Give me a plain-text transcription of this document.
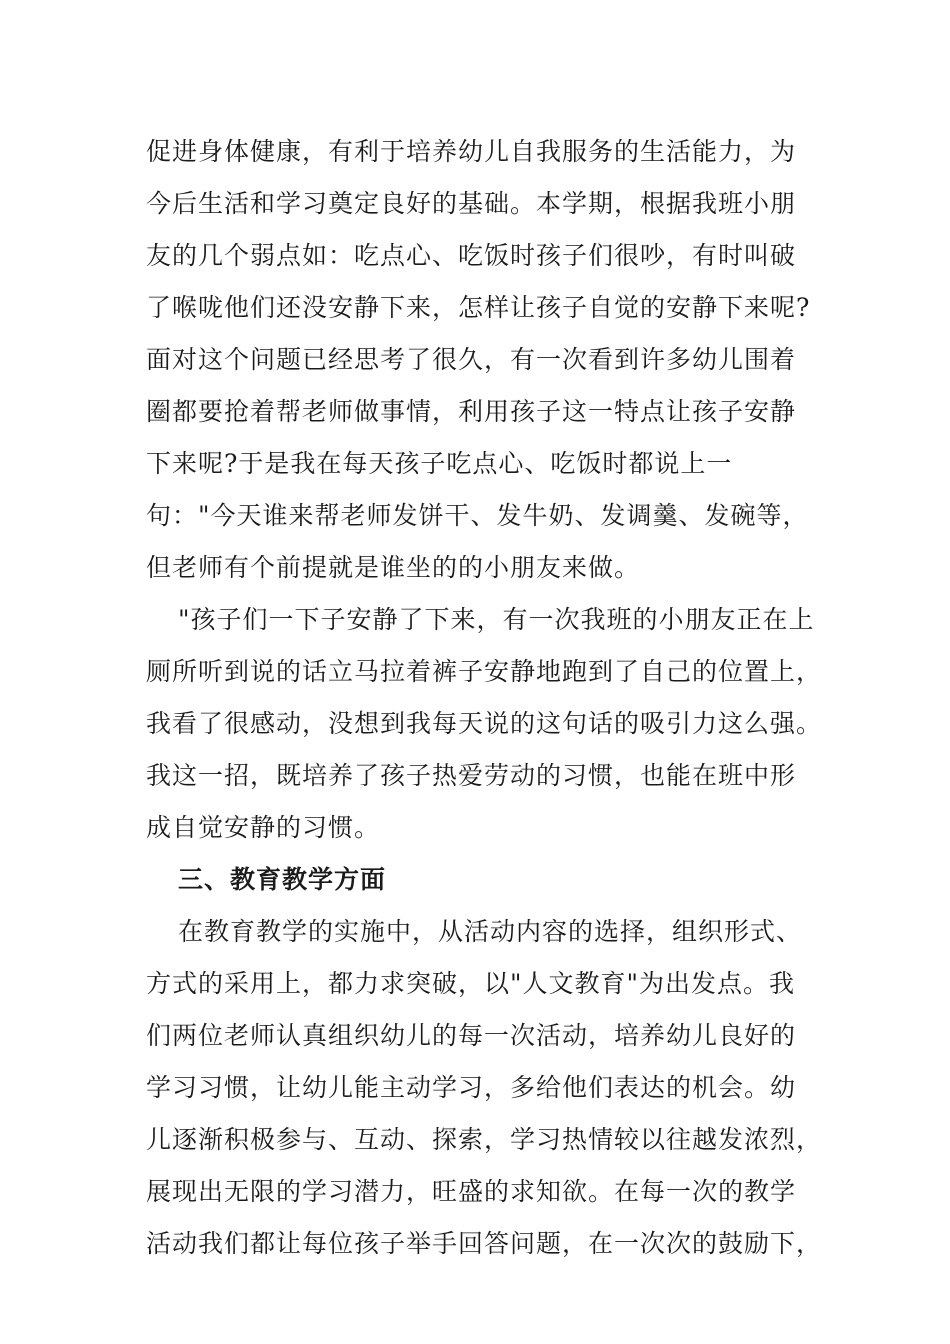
促进身体健康，有利于培养幼儿自我服务的生活能力，为
今后生活和学习奠定良好的基础。本学期，根据我班小朋
友的几个弱点如：吃点心、吃饭时孩子们很吵，有时叫破
了喉咙他们还没安静下来，怎样让孩子自觉的安静下来呢?
面对这个问题已经思考了很久，有一次看到许多幼儿围着
圈都要抢着帮老师做事情，利用孩子这一特点让孩子安静
下来呢?于是我在每天孩子吃点心、吃饭时都说上一
句："今天谁来帮老师发饼干、发牛奶、发调羹、发碗等，
但老师有个前提就是谁坐的的小朋友来做。
"孩子们一下子安静了下来，有一次我班的小朋友正在上
厕所听到说的话立马拉着裤子安静地跑到了自己的位置上，
我看了很感动，没想到我每天说的这句话的吸引力这么强。
我这一招，既培养了孩子热爱劳动的习惯，也能在班中形
成自觉安静的习惯。
三、教育教学方面
在教育教学的实施中，从活动内容的选择，组织形式、
方式的采用上，都力求突破，以"人文教育"为出发点。我
们两位老师认真组织幼儿的每一次活动，培养幼儿良好的
学习习惯，让幼儿能主动学习，多给他们表达的机会。幼
儿逐渐积极参与、互动、探索，学习热情较以往越发浓烈，
展现出无限的学习潜力，旺盛的求知欲。在每一次的教学
活动我们都让每位孩子举手回答问题，在一次次的鼓励下，
